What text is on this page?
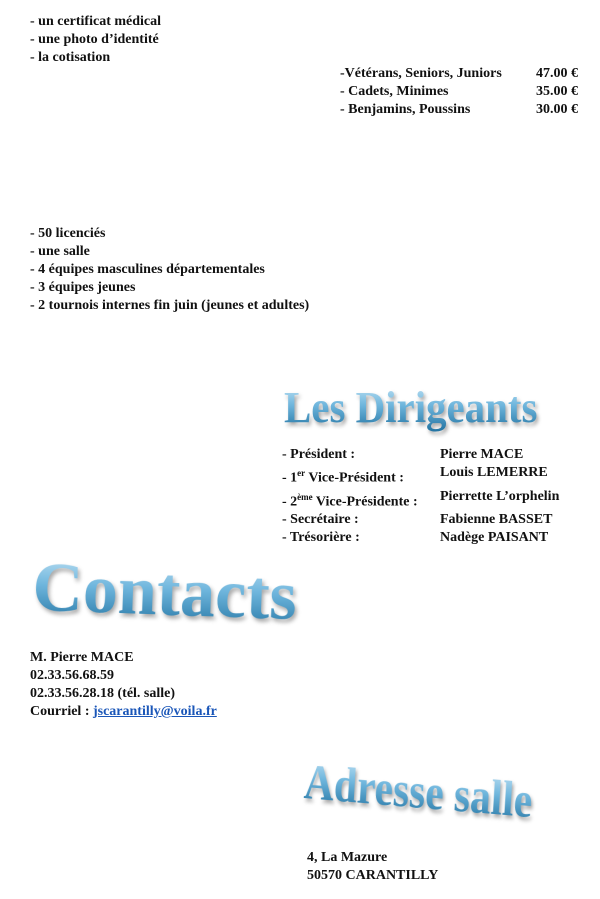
- un certificat médical
- une photo d’identité
- la cotisation
-Vétérans, Seniors, Juniors 47.00 €
- Cadets, Minimes	35.00 €
- Benjamins, Poussins	30.00 €
- 50 licenciés
- une salle
- 4 équipes masculines départementales
- 3 équipes jeunes
- 2 tournois internes fin juin (jeunes et adultes)
Les Dirigeants
- Président :	Pierre MACE
- 1er Vice-Président :	Louis LEMERRE
- 2ème Vice-Présidente :	Pierrette L’orphelin
- Secrétaire :	Fabienne BASSET
- Trésorière :	Nadège PAISANT
Contacts
M. Pierre MACE
02.33.56.68.59
02.33.56.28.18 (tél. salle)
Courriel : jscarantilly@voila.fr
Adresse salle
4, La Mazure
50570 CARANTILLY
